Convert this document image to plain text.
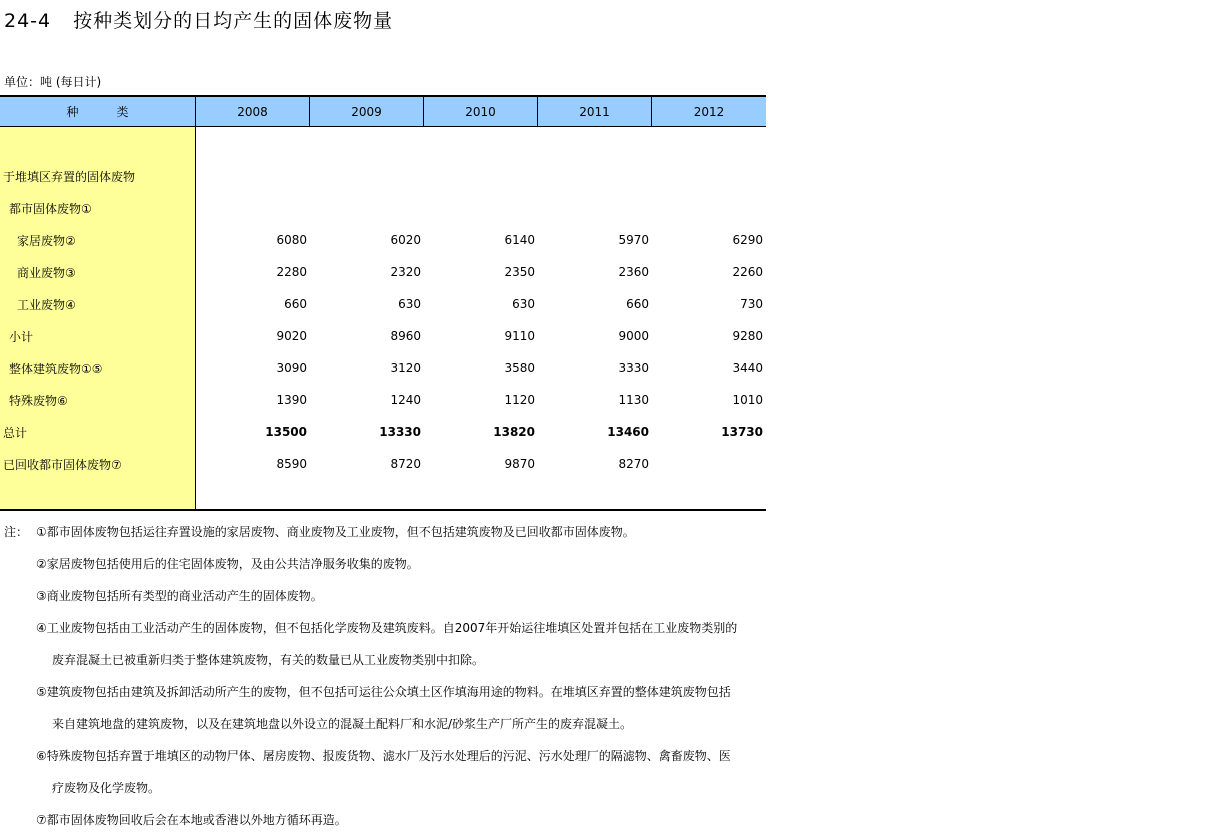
24-4 按种类划分的日均产生的固体废物量
单位：吨 (每日计)
种类	2008	2009	2010	2011	2012
于堆填区弃置的固体废物
都市固体废物①
家居废物②	6080	6020	6140	5970	6290
商业废物③	2280	2320	2350	2360	2260
工业废物④	660	630	630	660	730
小计	9020	8960	9110	9000	9280
整体建筑废物①⑤	3090	3120	3580	3330	3440
特殊废物⑥	1390	1240	1120	1130	1010
总计	13500	13330	13820	13460	13730
已回收都市固体废物⑦	8590	8720	9870	8270
注： ①都市固体废物包括运往弃置设施的家居废物、商业废物及工业废物，但不包括建筑废物及已回收都市固体废物。
②家居废物包括使用后的住宅固体废物，及由公共洁净服务收集的废物。
③商业废物包括所有类型的商业活动产生的固体废物。
④工业废物包括由工业活动产生的固体废物，但不包括化学废物及建筑废料。自2007年开始运往堆填区处置并包括在工业废物类别的
废弃混凝土已被重新归类于整体建筑废物，有关的数量已从工业废物类别中扣除。
⑤建筑废物包括由建筑及拆卸活动所产生的废物，但不包括可运往公众填土区作填海用途的物料。在堆填区弃置的整体建筑废物包括
来自建筑地盘的建筑废物，以及在建筑地盘以外设立的混凝土配料厂和水泥/砂浆生产厂所产生的废弃混凝土。
⑥特殊废物包括弃置于堆填区的动物尸体、屠房废物、报废货物、滤水厂及污水处理后的污泥、污水处理厂的隔滤物、禽畜废物、医
疗废物及化学废物。
⑦都市固体废物回收后会在本地或香港以外地方循环再造。
